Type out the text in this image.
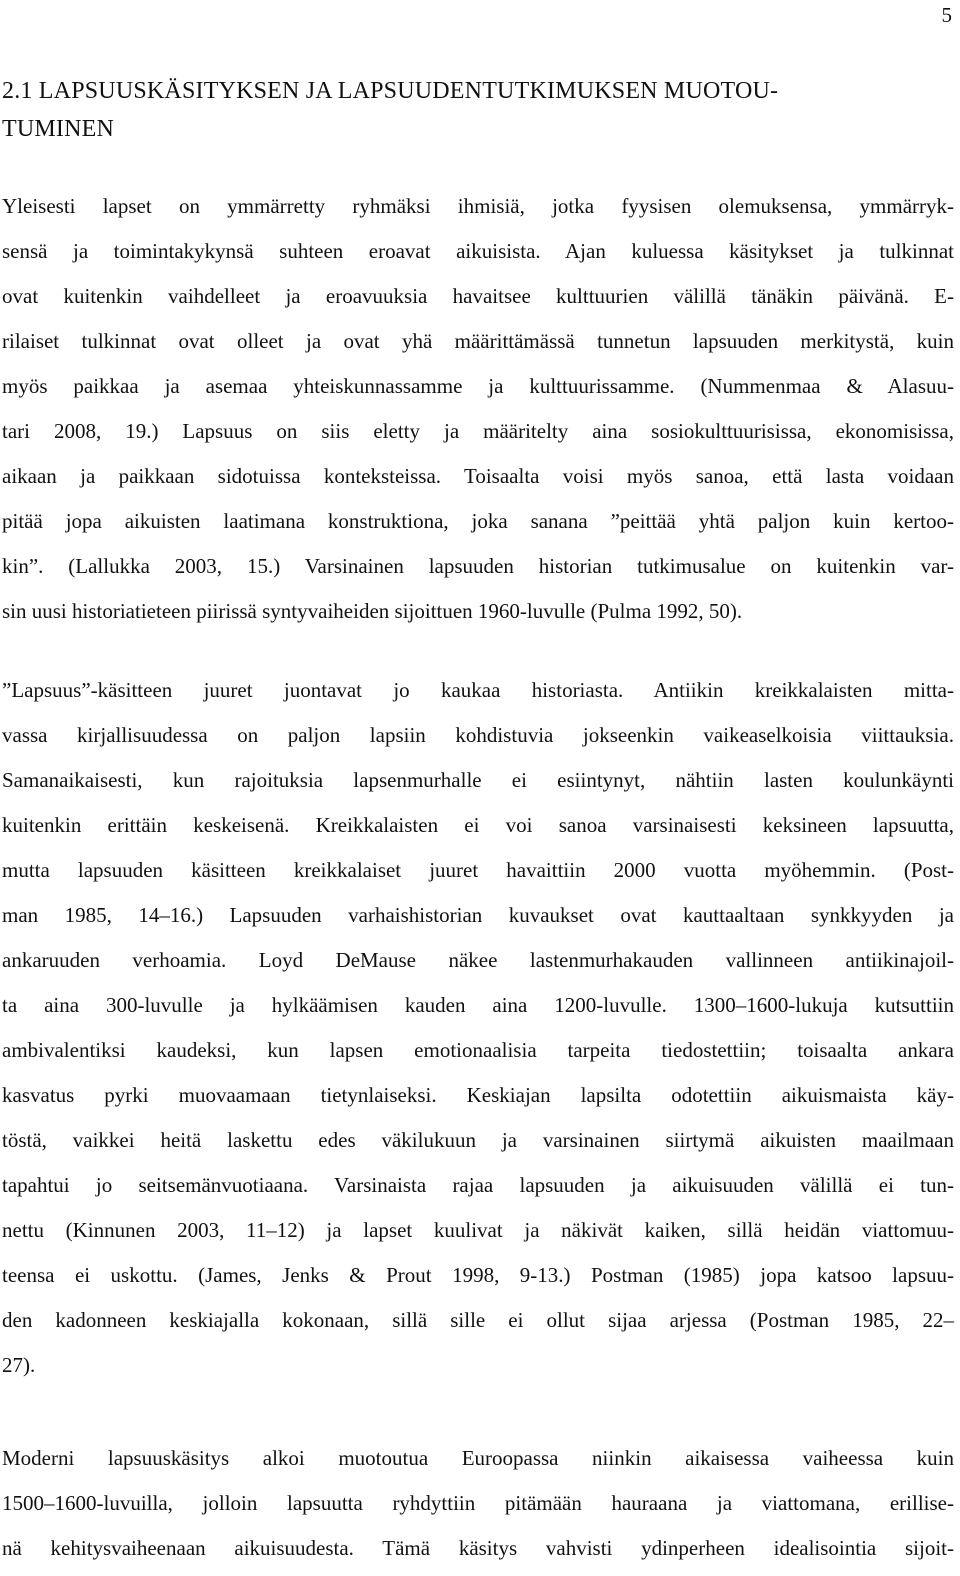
5
2.1 LAPSUUSKÄSITYKSEN JA LAPSUUDENTUTKIMUKSEN MUOTOU-
TUMINEN
Yleisesti lapset on ymmärretty ryhmäksi ihmisiä, jotka fyysisen olemuksensa, ymmärryk-
sensä ja toimintakykynsä suhteen eroavat aikuisista. Ajan kuluessa käsitykset ja tulkinnat
ovat kuitenkin vaihdelleet ja eroavuuksia havaitsee kulttuurien välillä tänäkin päivänä. E-
rilaiset tulkinnat ovat olleet ja ovat yhä määrittämässä tunnetun lapsuuden merkitystä, kuin
myös paikkaa ja asemaa yhteiskunnassamme ja kulttuurissamme. (Nummenmaa & Alasuu-
tari 2008, 19.) Lapsuus on siis eletty ja määritelty aina sosiokulttuurisissa, ekonomisissa,
aikaan ja paikkaan sidotuissa konteksteissa. Toisaalta voisi myös sanoa, että lasta voidaan
pitää jopa aikuisten laatimana konstruktiona, joka sanana ”peittää yhtä paljon kuin kertoo-
kin”. (Lallukka 2003, 15.) Varsinainen lapsuuden historian tutkimusalue on kuitenkin var-
sin uusi historiatieteen piirissä syntyvaiheiden sijoittuen 1960-luvulle (Pulma 1992, 50).
”Lapsuus”-käsitteen juuret juontavat jo kaukaa historiasta. Antiikin kreikkalaisten mitta-
vassa kirjallisuudessa on paljon lapsiin kohdistuvia jokseenkin vaikeaselkoisia viittauksia.
Samanaikaisesti, kun rajoituksia lapsenmurhalle ei esiintynyt, nähtiin lasten koulunkäynti
kuitenkin erittäin keskeisenä. Kreikkalaisten ei voi sanoa varsinaisesti keksineen lapsuutta,
mutta lapsuuden käsitteen kreikkalaiset juuret havaittiin 2000 vuotta myöhemmin. (Post-
man 1985, 14–16.) Lapsuuden varhaishistorian kuvaukset ovat kauttaaltaan synkkyyden ja
ankaruuden verhoamia. Loyd DeMause näkee lastenmurhakauden vallinneen antiikinajoil-
ta aina 300-luvulle ja hylkäämisen kauden aina 1200-luvulle. 1300–1600-lukuja kutsuttiin
ambivalentiksi kaudeksi, kun lapsen emotionaalisia tarpeita tiedostettiin; toisaalta ankara
kasvatus pyrki muovaamaan tietynlaiseksi. Keskiajan lapsilta odotettiin aikuismaista käy-
töstä, vaikkei heitä laskettu edes väkilukuun ja varsinainen siirtymä aikuisten maailmaan
tapahtui jo seitsemänvuotiaana. Varsinaista rajaa lapsuuden ja aikuisuuden välillä ei tun-
nettu (Kinnunen 2003, 11–12) ja lapset kuulivat ja näkivät kaiken, sillä heidän viattomuu-
teensa ei uskottu. (James, Jenks & Prout 1998, 9-13.) Postman (1985) jopa katsoo lapsuu-
den kadonneen keskiajalla kokonaan, sillä sille ei ollut sijaa arjessa (Postman 1985, 22–
27).
Moderni lapsuuskäsitys alkoi muotoutua Euroopassa niinkin aikaisessa vaiheessa kuin
1500–1600-luvuilla, jolloin lapsuutta ryhdyttiin pitämään hauraana ja viattomana, erillise-
nä kehitysvaiheenaan aikuisuudesta. Tämä käsitys vahvisti ydinperheen idealisointia sijoit-
